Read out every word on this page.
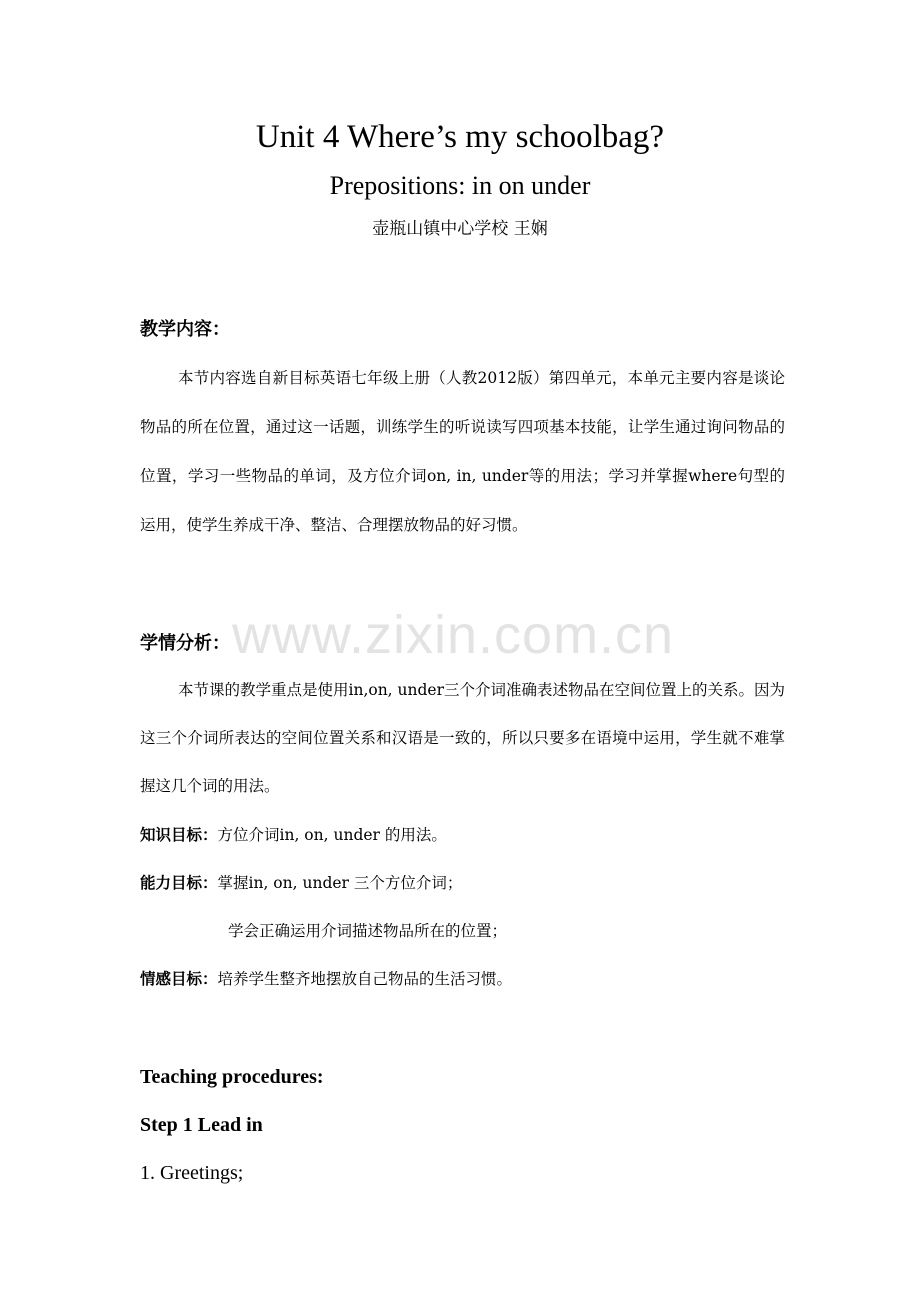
Unit 4 Where’s my schoolbag?
Prepositions: in on under
壶瓶山镇中心学校 王娴
教学内容：
本节内容选自新目标英语七年级上册（人教2012版）第四单元，本单元主要内容是谈论物品的所在位置，通过这一话题，训练学生的听说读写四项基本技能，让学生通过询问物品的位置，学习一些物品的单词，及方位介词on, in, under等的用法；学习并掌握where句型的运用，使学生养成干净、整洁、合理摆放物品的好习惯。
学情分析：
本节课的教学重点是使用in,on, under三个介词准确表述物品在空间位置上的关系。因为这三个介词所表达的空间位置关系和汉语是一致的，所以只要多在语境中运用，学生就不难掌握这几个词的用法。
知识目标：方位介词in, on, under 的用法。
能力目标：掌握in, on, under 三个方位介词；
学会正确运用介词描述物品所在的位置；
情感目标：培养学生整齐地摆放自己物品的生活习惯。
Teaching procedures:
Step 1 Lead in
1. Greetings;
www.zixin.com.cn
